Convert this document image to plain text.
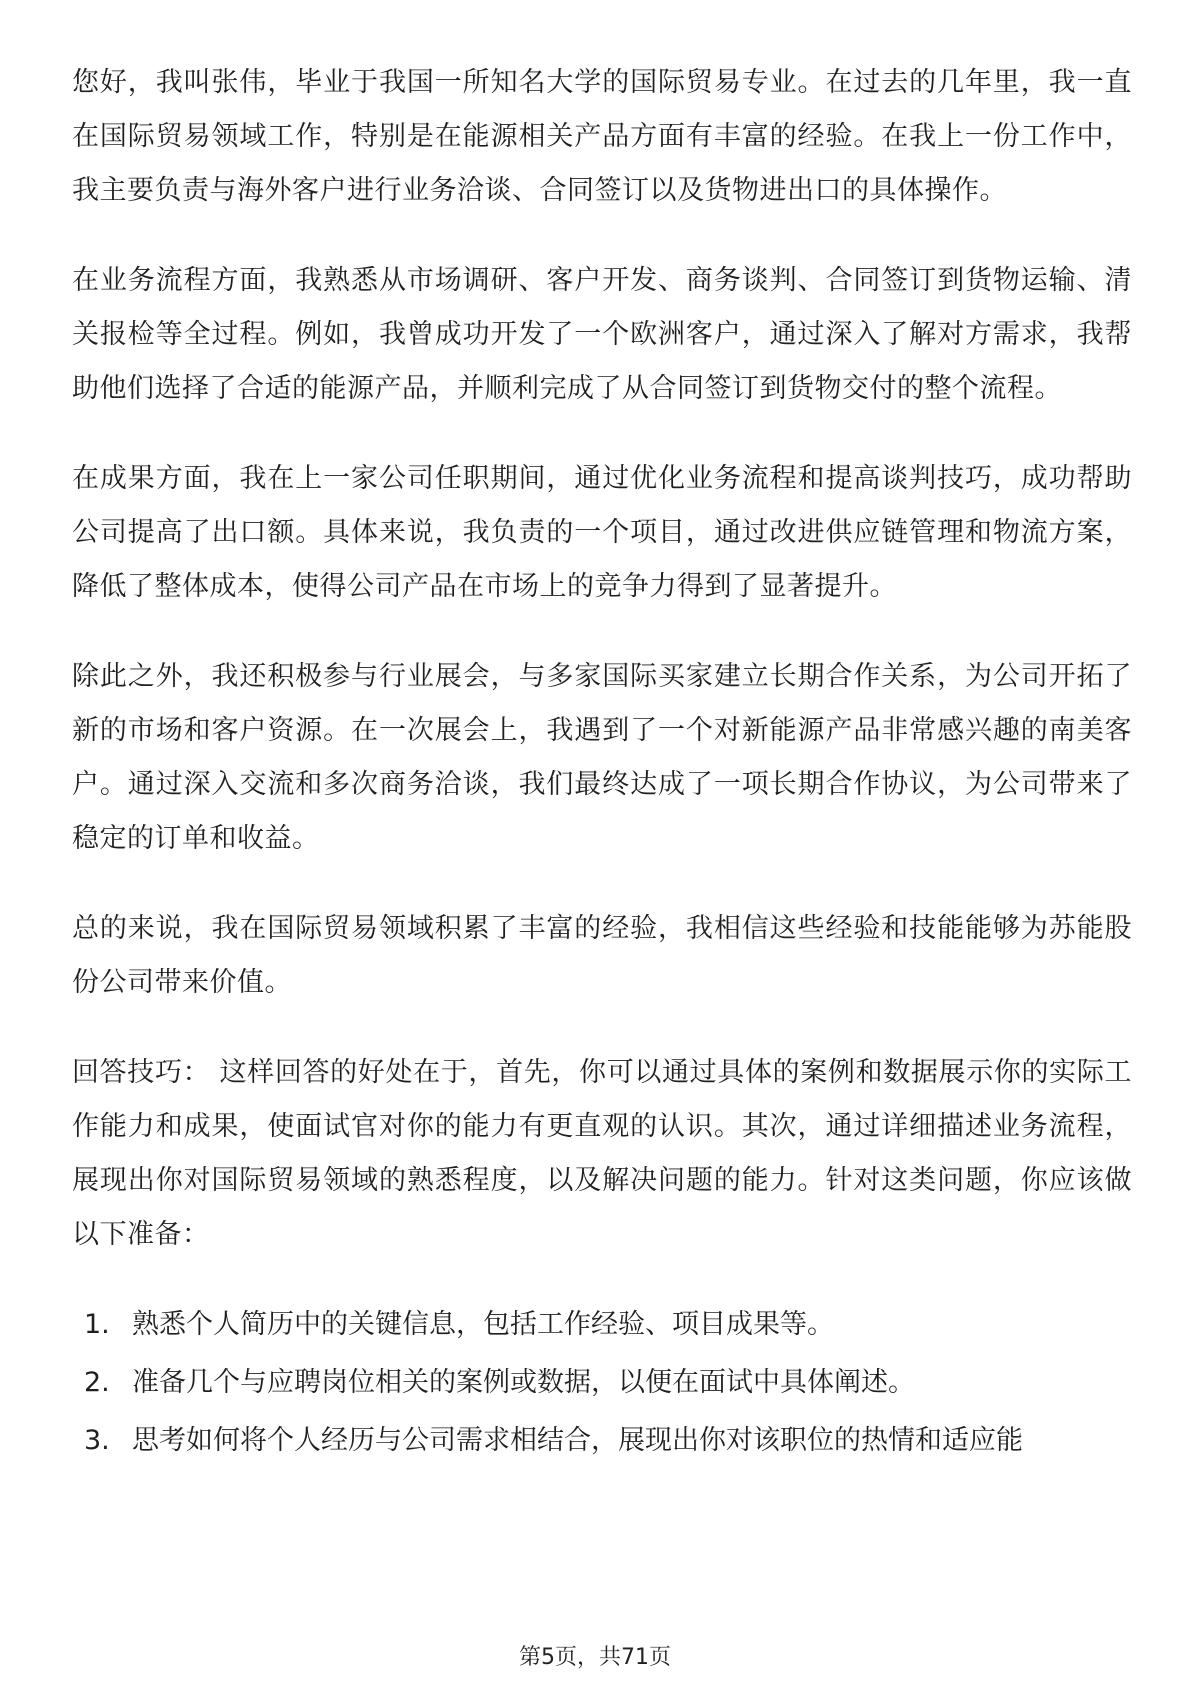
您好，我叫张伟，毕业于我国一所知名大学的国际贸易专业。在过去的几年里，我一直在国际贸易领域工作，特别是在能源相关产品方面有丰富的经验。在我上一份工作中，我主要负责与海外客户进行业务洽谈、合同签订以及货物进出口的具体操作。

在业务流程方面，我熟悉从市场调研、客户开发、商务谈判、合同签订到货物运输、清关报检等全过程。例如，我曾成功开发了一个欧洲客户，通过深入了解对方需求，我帮助他们选择了合适的能源产品，并顺利完成了从合同签订到货物交付的整个流程。

在成果方面，我在上一家公司任职期间，通过优化业务流程和提高谈判技巧，成功帮助公司提高了出口额。具体来说，我负责的一个项目，通过改进供应链管理和物流方案，降低了整体成本，使得公司产品在市场上的竞争力得到了显著提升。

除此之外，我还积极参与行业展会，与多家国际买家建立长期合作关系，为公司开拓了新的市场和客户资源。在一次展会上，我遇到了一个对新能源产品非常感兴趣的南美客户。通过深入交流和多次商务洽谈，我们最终达成了一项长期合作协议，为公司带来了稳定的订单和收益。

总的来说，我在国际贸易领域积累了丰富的经验，我相信这些经验和技能能够为苏能股份公司带来价值。

回答技巧： 这样回答的好处在于，首先，你可以通过具体的案例和数据展示你的实际工作能力和成果，使面试官对你的能力有更直观的认识。其次，通过详细描述业务流程，展现出你对国际贸易领域的熟悉程度，以及解决问题的能力。针对这类问题，你应该做以下准备：

1. 熟悉个人简历中的关键信息，包括工作经验、项目成果等。
2. 准备几个与应聘岗位相关的案例或数据，以便在面试中具体阐述。
3. 思考如何将个人经历与公司需求相结合，展现出你对该职位的热情和适应能
第5页，共71页
